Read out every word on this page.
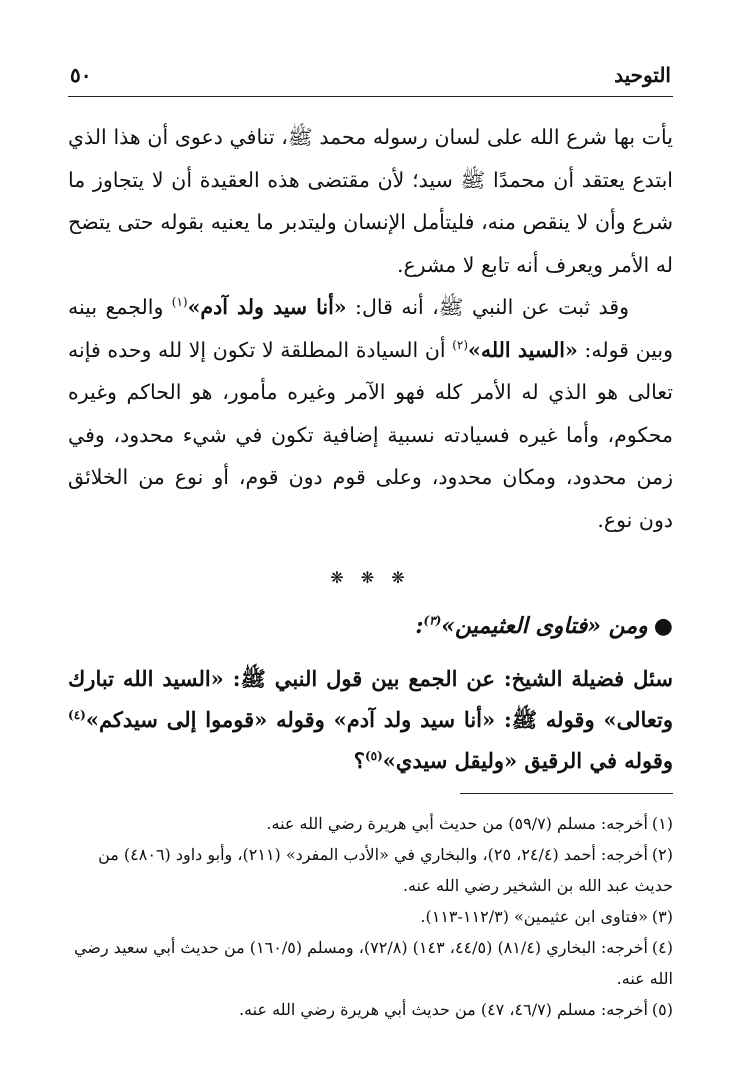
التوحيد
٥٠

يأت بها شرع الله على لسان رسوله محمد ﷺ، تنافي دعوى أن هذا الذي ابتدع يعتقد أن محمدًا ﷺ سيد؛ لأن مقتضى هذه العقيدة أن لا يتجاوز ما شرع وأن لا ينقص منه، فليتأمل الإنسان وليتدبر ما يعنيه بقوله حتى يتضح له الأمر ويعرف أنه تابع لا مشرع.

وقد ثبت عن النبي ﷺ، أنه قال: «أنا سيد ولد آدم»$^{(١)}$ والجمع بينه وبين قوله: «السيد الله»$^{(٢)}$ أن السيادة المطلقة لا تكون إلا لله وحده فإنه تعالى هو الذي له الأمر كله فهو الآمر وغيره مأمور، هو الحاكم وغيره محكوم، وأما غيره فسيادته نسبية إضافية تكون في شيء محدود، وفي زمن محدود، ومكان محدود، وعلى قوم دون قوم، أو نوع من الخلائق دون نوع.

❋ ❋ ❋
●ومن «فتاوى العثيمين»$^{(٣)}$:
سئل فضيلة الشيخ: عن الجمع بين قول النبي ﷺ: «السيد الله تبارك وتعالى» وقوله ﷺ: «أنا سيد ولد آدم» وقوله «قوموا إلى سيدكم»$^{(٤)}$ وقوله في الرقيق «وليقل سيدي»$^{(٥)}$؟

(١)أخرجه: مسلم (٥٩/٧) من حديث أبي هريرة رضي الله عنه.

(٢)أخرجه: أحمد (٢٤/٤، ٢٥)، والبخاري في «الأدب المفرد» (٢١١)، وأبو داود (٤٨٠٦) من حديث عبد الله بن الشخير رضي الله عنه.

(٣)«فتاوى ابن عثيمين» (١١٢/٣-١١٣).

(٤)أخرجه: البخاري (٨١/٤) (٤٤/٥، ١٤٣) (٧٢/٨)، ومسلم (١٦٠/٥) من حديث أبي سعيد رضي الله عنه.

(٥)أخرجه: مسلم (٤٦/٧، ٤٧) من حديث أبي هريرة رضي الله عنه.
